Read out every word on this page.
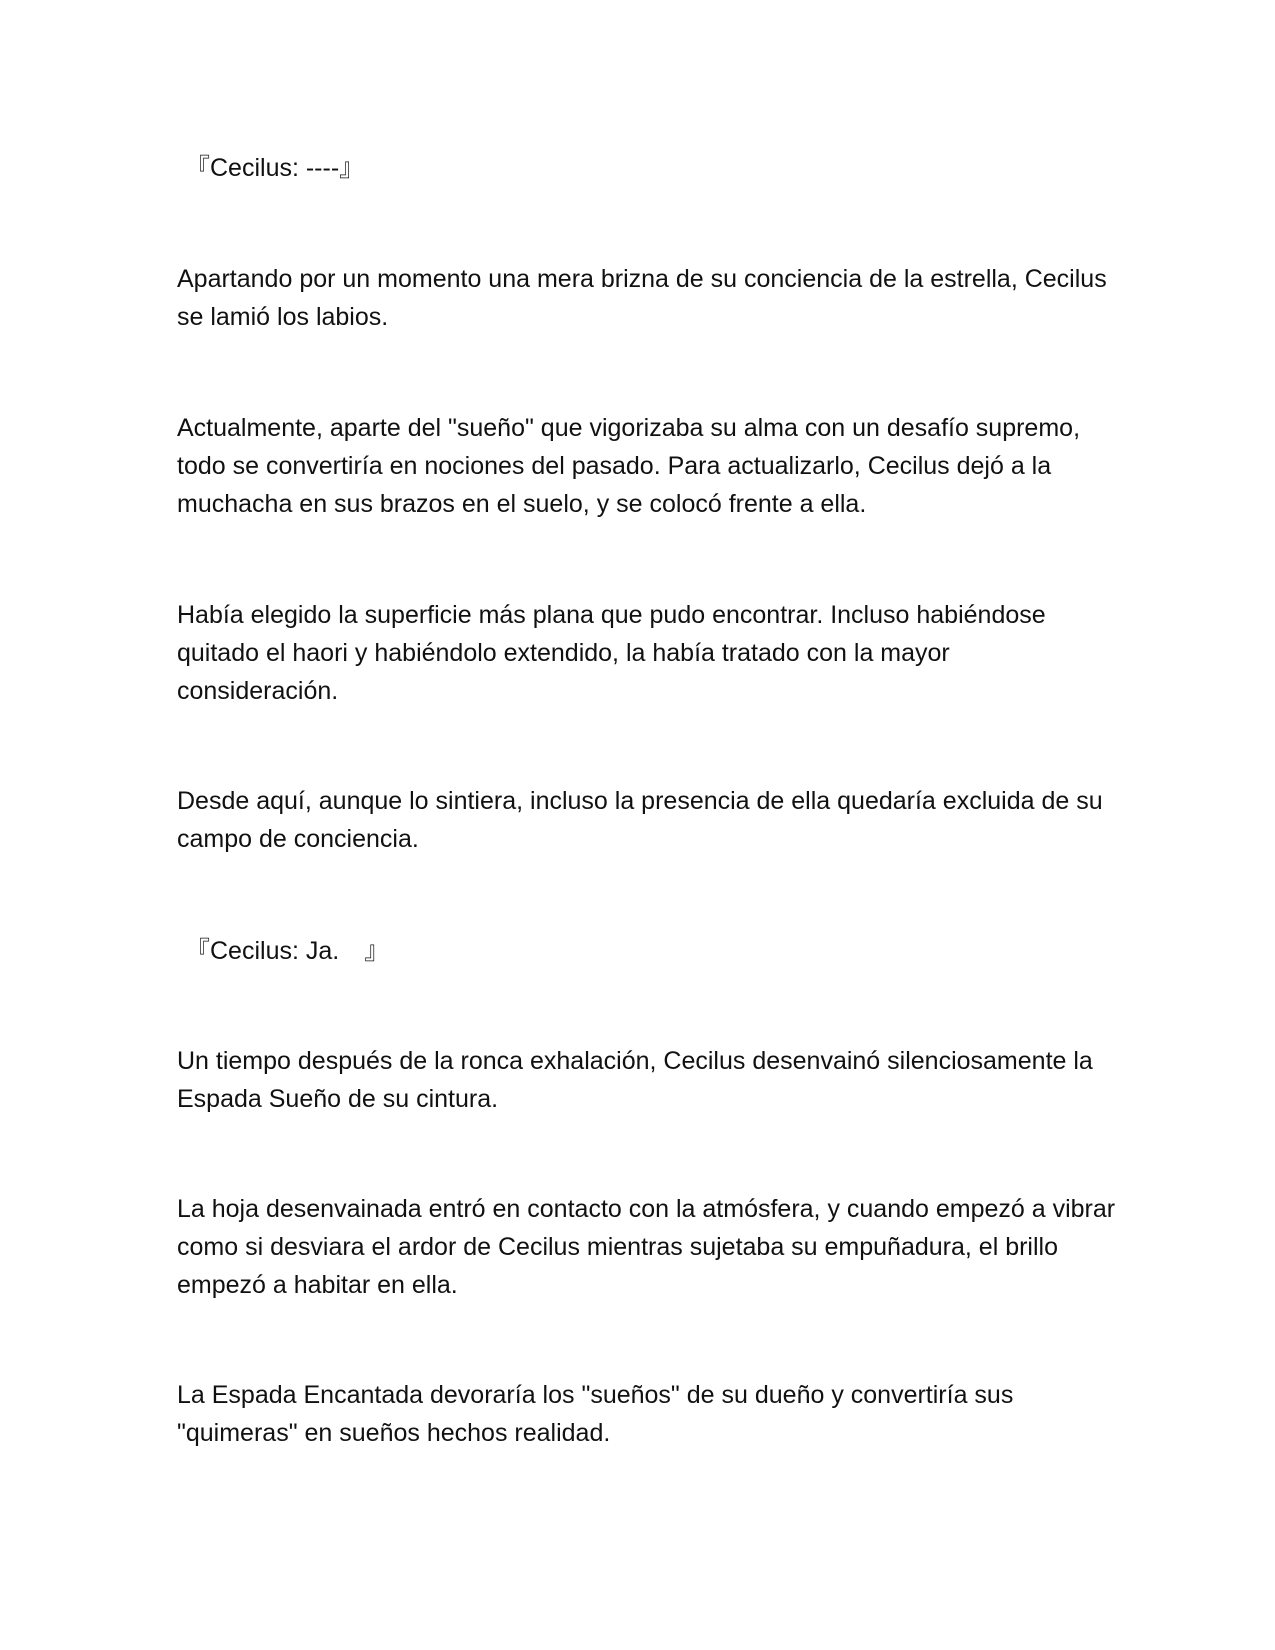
『Cecilus: ----』

Apartando por un momento una mera brizna de su conciencia de la estrella, Cecilus se lamió los labios.

Actualmente, aparte del "sueño" que vigorizaba su alma con un desafío supremo, todo se convertiría en nociones del pasado. Para actualizarlo, Cecilus dejó a la muchacha en sus brazos en el suelo, y se colocó frente a ella.

Había elegido la superficie más plana que pudo encontrar. Incluso habiéndose quitado el haori y habiéndolo extendido, la había tratado con la mayor consideración.

Desde aquí, aunque lo sintiera, incluso la presencia de ella quedaría excluida de su campo de conciencia.

『Cecilus: Ja.　』

Un tiempo después de la ronca exhalación, Cecilus desenvainó silenciosamente la Espada Sueño de su cintura.

La hoja desenvainada entró en contacto con la atmósfera, y cuando empezó a vibrar como si desviara el ardor de Cecilus mientras sujetaba su empuñadura, el brillo empezó a habitar en ella.

La Espada Encantada devoraría los "sueños" de su dueño y convertiría sus "quimeras" en sueños hechos realidad.
